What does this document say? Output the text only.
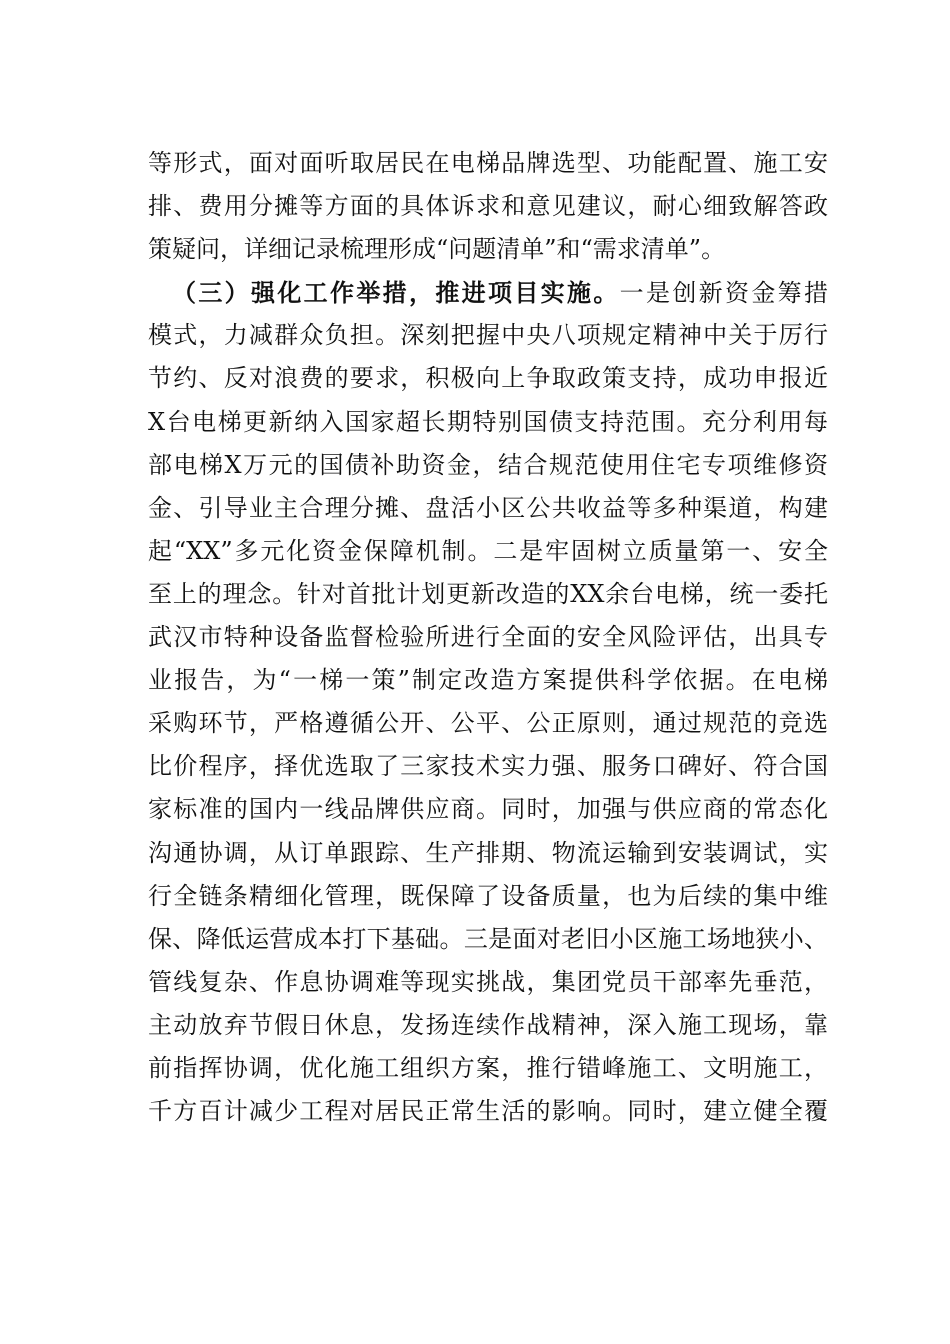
等形式，面对面听取居民在电梯品牌选型、功能配置、施工安
排、费用分摊等方面的具体诉求和意见建议，耐心细致解答政
策疑问，详细记录梳理形成“问题清单”和“需求清单”。
（三）强化工作举措，推进项目实施。一是创新资金筹措
模式，力减群众负担。深刻把握中央八项规定精神中关于厉行
节约、反对浪费的要求，积极向上争取政策支持，成功申报近
X台电梯更新纳入国家超长期特别国债支持范围。充分利用每
部电梯X万元的国债补助资金，结合规范使用住宅专项维修资
金、引导业主合理分摊、盘活小区公共收益等多种渠道，构建
起“XX”多元化资金保障机制。二是牢固树立质量第一、安全
至上的理念。针对首批计划更新改造的XX余台电梯，统一委托
武汉市特种设备监督检验所进行全面的安全风险评估，出具专
业报告，为“一梯一策”制定改造方案提供科学依据。在电梯
采购环节，严格遵循公开、公平、公正原则，通过规范的竞选
比价程序，择优选取了三家技术实力强、服务口碑好、符合国
家标准的国内一线品牌供应商。同时，加强与供应商的常态化
沟通协调，从订单跟踪、生产排期、物流运输到安装调试，实
行全链条精细化管理，既保障了设备质量，也为后续的集中维
保、降低运营成本打下基础。三是面对老旧小区施工场地狭小、
管线复杂、作息协调难等现实挑战，集团党员干部率先垂范，
主动放弃节假日休息，发扬连续作战精神，深入施工现场，靠
前指挥协调，优化施工组织方案，推行错峰施工、文明施工，
千方百计减少工程对居民正常生活的影响。同时，建立健全覆
